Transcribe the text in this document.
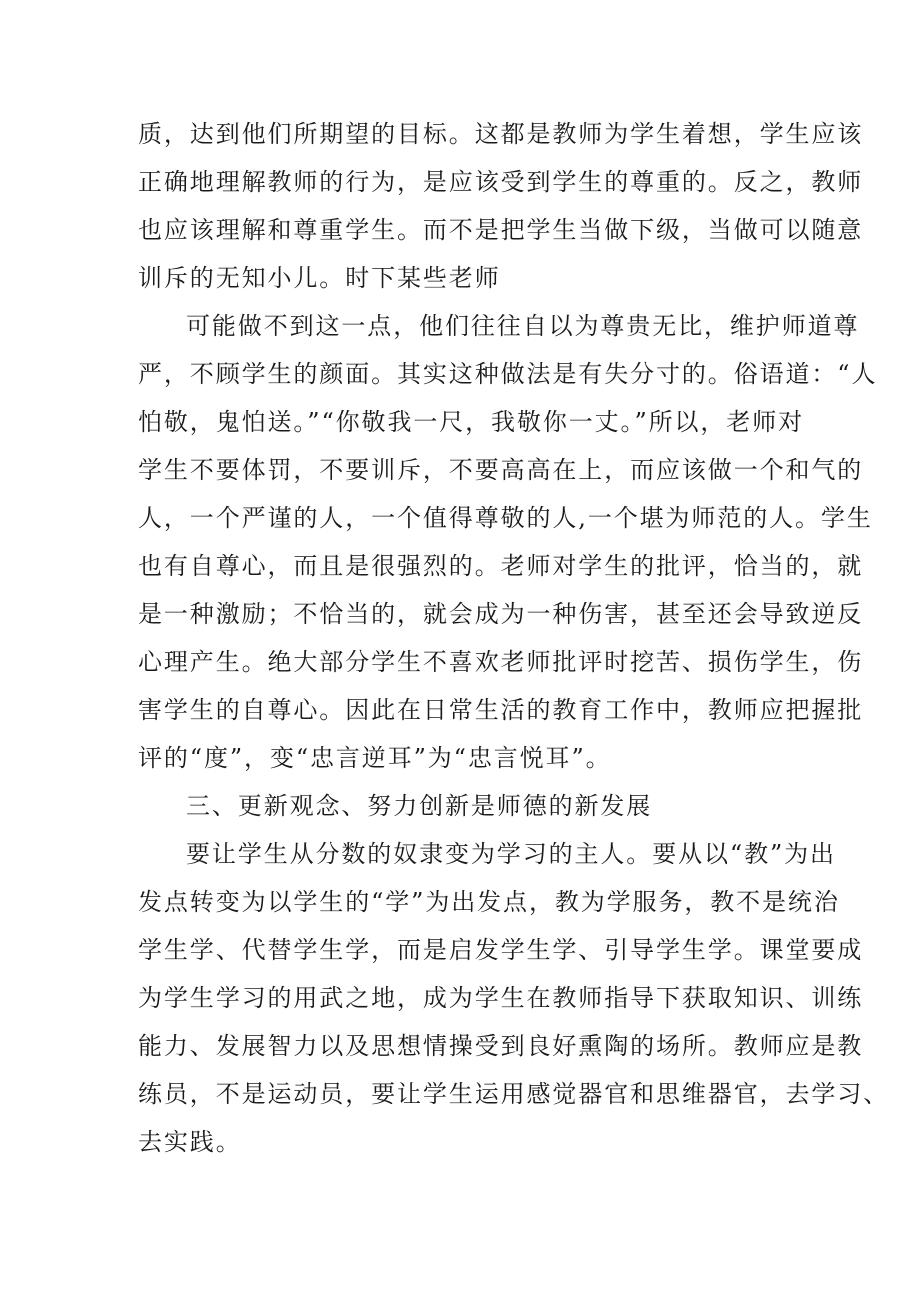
质，达到他们所期望的目标。这都是教师为学生着想，学生应该
正确地理解教师的行为，是应该受到学生的尊重的。反之，教师
也应该理解和尊重学生。而不是把学生当做下级，当做可以随意
训斥的无知小儿。时下某些老师
可能做不到这一点，他们往往自以为尊贵无比，维护师道尊
严，不顾学生的颜面。其实这种做法是有失分寸的。俗语道：“人
怕敬，鬼怕送。”“你敬我一尺，我敬你一丈。”所以，老师对
学生不要体罚，不要训斥，不要高高在上，而应该做一个和气的
人，一个严谨的人，一个值得尊敬的人,一个堪为师范的人。学生
也有自尊心，而且是很强烈的。老师对学生的批评，恰当的，就
是一种激励；不恰当的，就会成为一种伤害，甚至还会导致逆反
心理产生。绝大部分学生不喜欢老师批评时挖苦、损伤学生，伤
害学生的自尊心。因此在日常生活的教育工作中，教师应把握批
评的“度”，变“忠言逆耳”为“忠言悦耳”。
三、更新观念、努力创新是师德的新发展
要让学生从分数的奴隶变为学习的主人。要从以“教”为出
发点转变为以学生的“学”为出发点，教为学服务，教不是统治
学生学、代替学生学，而是启发学生学、引导学生学。课堂要成
为学生学习的用武之地，成为学生在教师指导下获取知识、训练
能力、发展智力以及思想情操受到良好熏陶的场所。教师应是教
练员，不是运动员，要让学生运用感觉器官和思维器官，去学习、
去实践。
